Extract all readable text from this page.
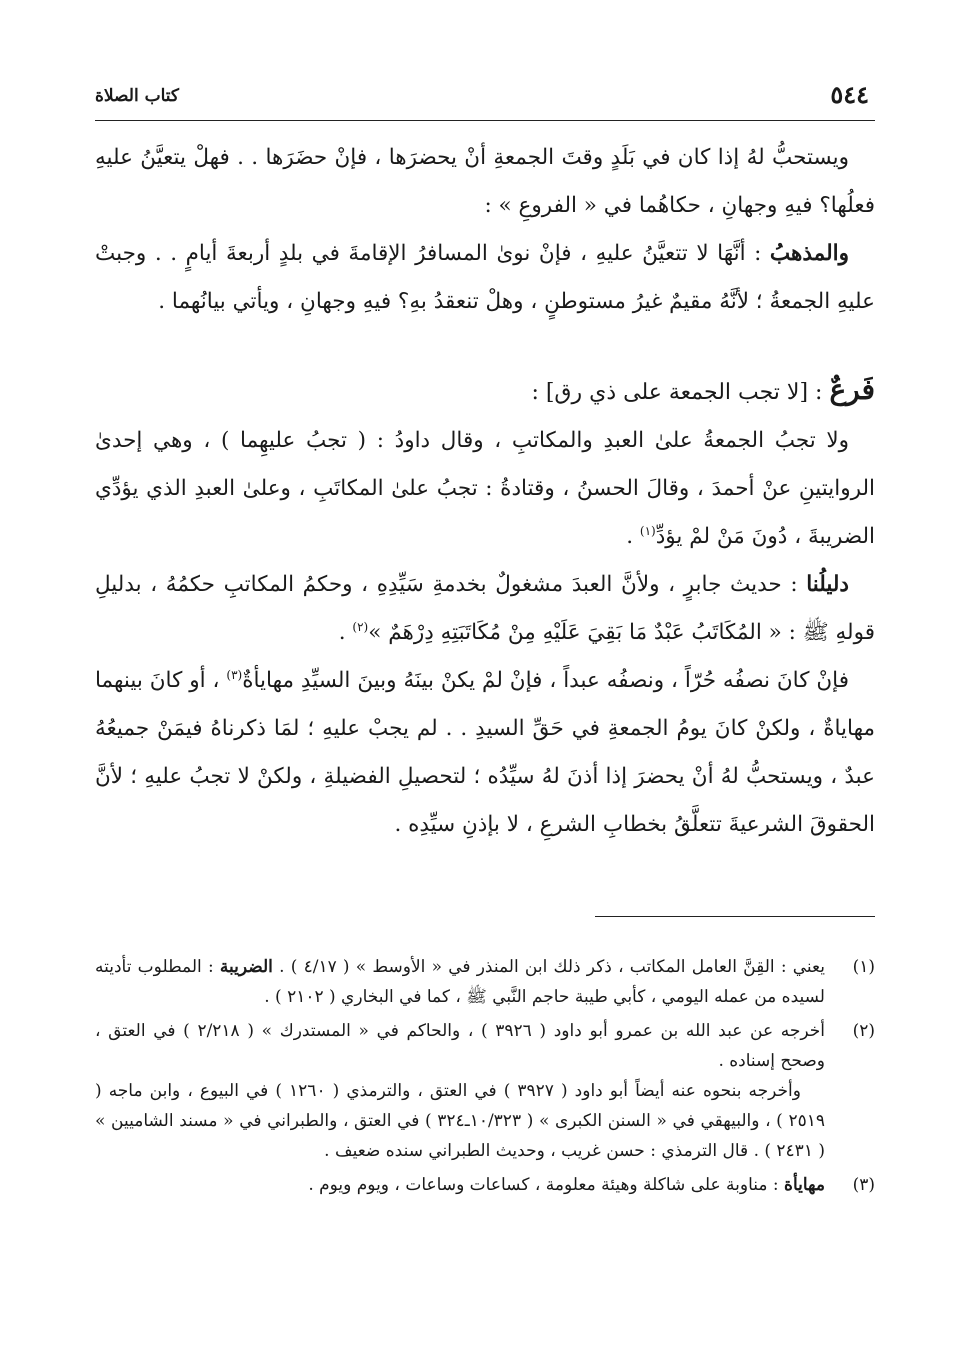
٥٤٤
كتاب الصلاة

ويستحبُّ لهُ إذا كان في بَلَدٍ وقتَ الجمعةِ أنْ يحضرَها ، فإنْ حضَرَها . . فهلْ يتعيَّنُ عليهِ فعلُها؟ فيهِ وجهانِ ، حكاهُما في « الفروعِ » :

والمذهبُ : أنَّهَا لا تتعيَّنُ عليهِ ، فإنْ نوىٰ المسافرُ الإقامةَ في بلدٍ أربعةَ أيامٍ . . وجبتْ عليهِ الجمعةُ ؛ لأنَّهُ مقيمٌ غيرُ مستوطنٍ ، وهلْ تنعقدُ بهِ؟ فيهِ وجهانِ ، ويأتي بيانُهما .

فَرعٌ : [لا تجب الجمعة على ذي رق] :

ولا تجبُ الجمعةُ علىٰ العبدِ والمكاتبِ ، وقال داودُ : ( تجبُ عليهِما ) ، وهي إحدىٰ الروايتينِ عنْ أحمدَ ، وقالَ الحسنُ ، وقتادةُ : تجبُ علىٰ المكاتَبِ ، وعلىٰ العبدِ الذي يؤدِّي الضريبةَ ، دُونَ مَنْ لمْ يؤدِّ$^{(١)}$ .

دليلُنا : حديث جابرٍ ، ولأنَّ العبدَ مشغولٌ بخدمةِ سَيِّدِهِ ، وحكمُ المكاتبِ حكمُهُ ، بدليلِ قولهِ ﷺ : « المُكَاتَبُ عَبْدٌ مَا بَقِيَ عَلَيْهِ مِنْ مُكَاتَبَتِهِ دِرْهَمٌ »$^{(٢)}$ .

فإنْ كانَ نصفُه حُرّاً ، ونصفُه عبداً ، فإنْ لمْ يكنْ بينَهُ وبينَ السيِّدِ مهايأةٌ$^{(٣)}$ ، أو كانَ بينهما مهاياةٌ ، ولكنْ كانَ يومُ الجمعةِ في حَقِّ السيدِ . . لم يجبْ عليهِ ؛ لمَا ذكرناهُ فيمَنْ جميعُهُ عبدٌ ، ويستحبُّ لهُ أنْ يحضرَ إذا أذنَ لهُ سيِّدُه ؛ لتحصيلِ الفضيلةِ ، ولكنْ لا تجبُ عليهِ ؛ لأنَّ الحقوقَ الشرعيةَ تتعلَّقُ بخطابِ الشرعِ ، لا بإذنِ سيِّدِه .

(١)
يعني : القِنَّ العامل المكاتب ، ذكر ذلك ابن المنذر في « الأوسط » ( ٤/١٧ ) . الضريبة : المطلوب تأديته لسيده من عمله اليومي ، كأبي طيبة حاجم النَّبي ﷺ ، كما في البخاري ( ٢١٠٢ ) .
(٢)
أخرجه عن عبد الله بن عمرو أبو داود ( ٣٩٢٦ ) ، والحاكم في « المستدرك » ( ٢/٢١٨ ) في العتق ، وصحح إسناده .
وأخرجه بنحوه عنه أيضاً أبو داود ( ٣٩٢٧ ) في العتق ، والترمذي ( ١٢٦٠ ) في البيوع ، وابن ماجه ( ٢٥١٩ ) ، والبيهقي في « السنن الكبرى » ( ١٠/٣٢٣ـ٣٢٤ ) في العتق ، والطبراني في « مسند الشاميين » ( ٢٤٣١ ) . قال الترمذي : حسن غريب ، وحديث الطبراني سنده ضعيف .
(٣)
مهايأة : مناوبة على شاكلة وهيئة معلومة ، كساعات وساعات ، ويوم ويوم .
